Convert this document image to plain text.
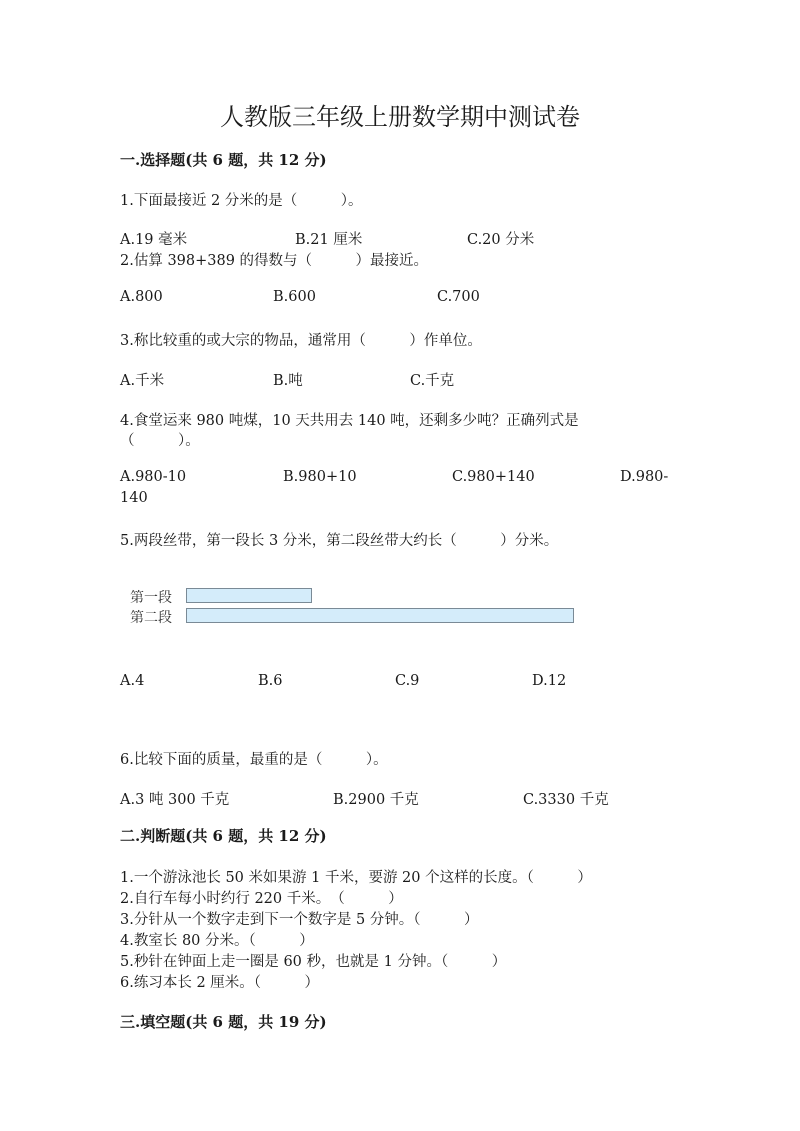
人教版三年级上册数学期中测试卷
一.选择题(共 6 题，共 12 分)
1.下面最接近 2 分米的是（　　　）。
A.19 毫米	B.21 厘米	C.20 分米
2.估算 398+389 的得数与（　　　）最接近。
A.800	B.600	C.700
3.称比较重的或大宗的物品，通常用（　　　）作单位。
A.千米	B.吨	C.千克
4.食堂运来 980 吨煤，10 天共用去 140 吨，还剩多少吨？正确列式是
（　　　）。
A.980-10	B.980+10	C.980+140	D.980-
140
5.两段丝带，第一段长 3 分米，第二段丝带大约长（　　　）分米。
第一段
第二段
A.4	B.6	C.9	D.12
6.比较下面的质量，最重的是（　　　）。
A.3 吨 300 千克	B.2900 千克	C.3330 千克
二.判断题(共 6 题，共 12 分)
1.一个游泳池长 50 米如果游 1 千米，要游 20 个这样的长度。（　　　）
2.自行车每小时约行 220 千米。　（　　　）
3.分针从一个数字走到下一个数字是 5 分钟。（　　　）
4.教室长 80 分米。（　　　）
5.秒针在钟面上走一圈是 60 秒，也就是 1 分钟。（　　　）
6.练习本长 2 厘米。（　　　）
三.填空题(共 6 题，共 19 分)
